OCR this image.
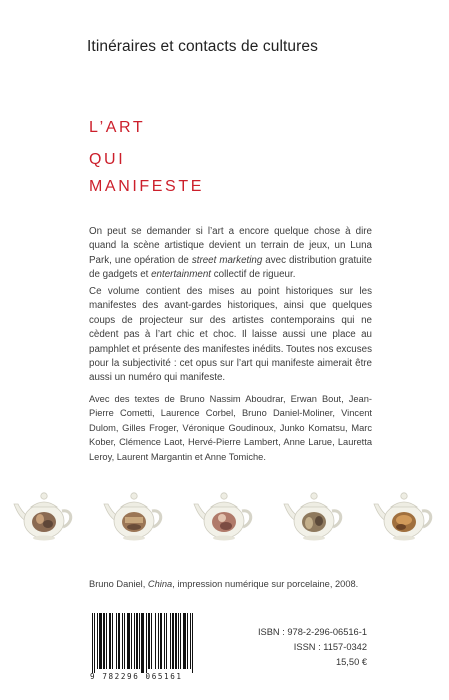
Itinéraires et contacts de cultures
L’ART
QUI
MANIFESTE

On peut se demander si l’art a encore quelque chose à dire quand la scène artistique devient un terrain de jeux, un Luna Park, une opération de street marketing avec distribution gratuite de gadgets et entertainment collectif de rigueur.

Ce volume contient des mises au point historiques sur les manifestes des avant-gardes historiques, ainsi que quelques coups de projecteur sur des artistes contemporains qui ne cèdent pas à l’art chic et choc. Il laisse aussi une place au pamphlet et présente des manifestes inédits. Toutes nos excuses pour la subjectivité : cet opus sur l’art qui manifeste aimerait être aussi un numéro qui manifeste.

Avec des textes de Bruno Nassim Aboudrar, Erwan Bout, Jean-Pierre Cometti, Laurence Corbel, Bruno Daniel-Moliner, Vincent Dulom, Gilles Froger, Véronique Goudinoux, Junko Komatsu, Marc Kober, Clémence Laot, Hervé-Pierre Lambert, Anne Larue, Lauretta Leroy, Laurent Margantin et Anne Tomiche.

Bruno Daniel, China, impression numérique sur porcelaine, 2008.
9 782296 065161
ISBN : 978-2-296-06516-1
ISSN : 1157-0342
15,50 €
